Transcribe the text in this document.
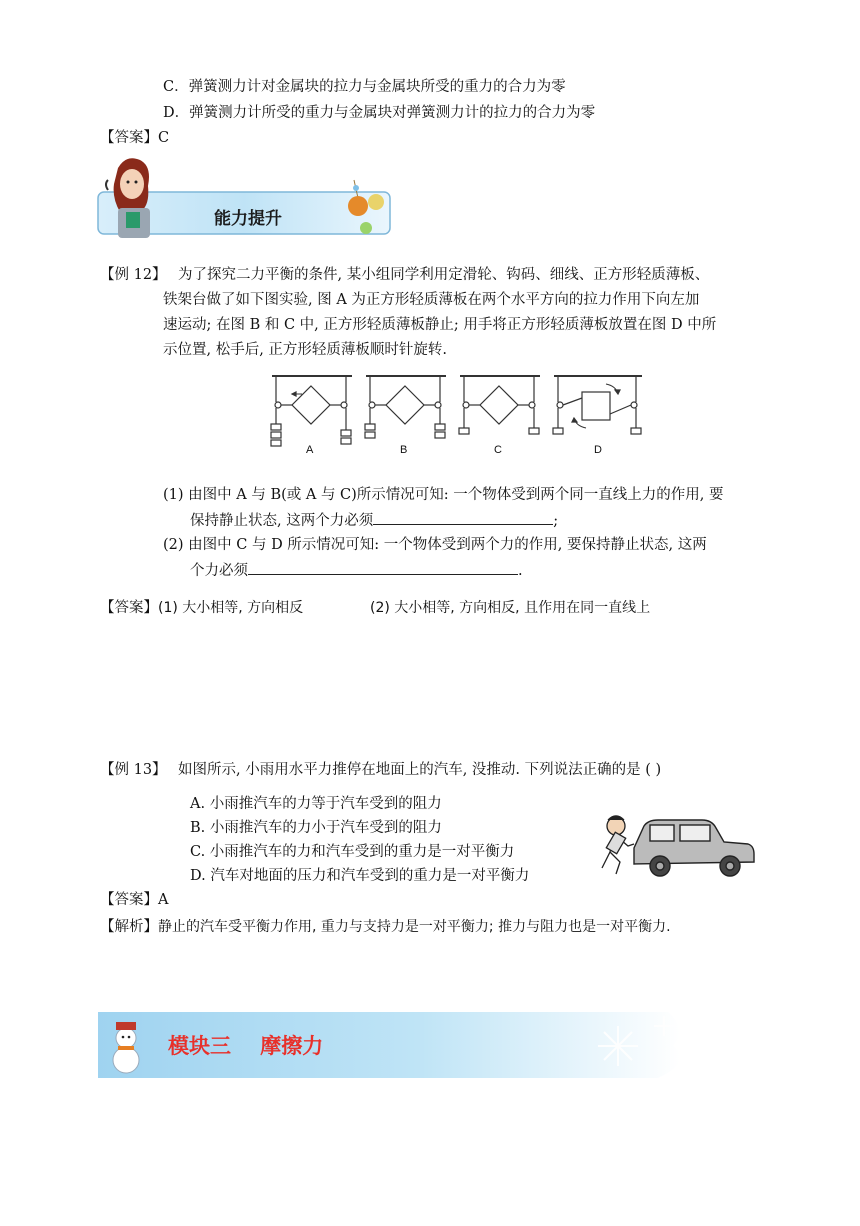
C．弹簧测力计对金属块的拉力与金属块所受的重力的合力为零
D．弹簧测力计所受的重力与金属块对弹簧测力计的拉力的合力为零
【答案】C
能力提升
【例 12】 为了探究二力平衡的条件, 某小组同学利用定滑轮、钩码、细线、正方形轻质薄板、
铁架台做了如下图实验, 图 A 为正方形轻质薄板在两个水平方向的拉力作用下向左加
速运动; 在图 B 和 C 中, 正方形轻质薄板静止; 用手将正方形轻质薄板放置在图 D 中所
示位置, 松手后, 正方形轻质薄板顺时针旋转.
A	B	C	D
(1) 由图中 A 与 B(或 A 与 C)所示情况可知: 一个物体受到两个同一直线上力的作用, 要
保持静止状态, 这两个力必须	;
(2) 由图中 C 与 D 所示情况可知: 一个物体受到两个力的作用, 要保持静止状态, 这两
个力必须	.
【答案】(1) 大小相等, 方向相反	(2) 大小相等, 方向相反, 且作用在同一直线上
【例 13】 如图所示, 小雨用水平力推停在地面上的汽车, 没推动. 下列说法正确的是 ( )
A. 小雨推汽车的力等于汽车受到的阻力
B. 小雨推汽车的力小于汽车受到的阻力
C. 小雨推汽车的力和汽车受到的重力是一对平衡力
D. 汽车对地面的压力和汽车受到的重力是一对平衡力
【答案】A
【解析】静止的汽车受平衡力作用, 重力与支持力是一对平衡力; 推力与阻力也是一对平衡力.
模块三    摩擦力
